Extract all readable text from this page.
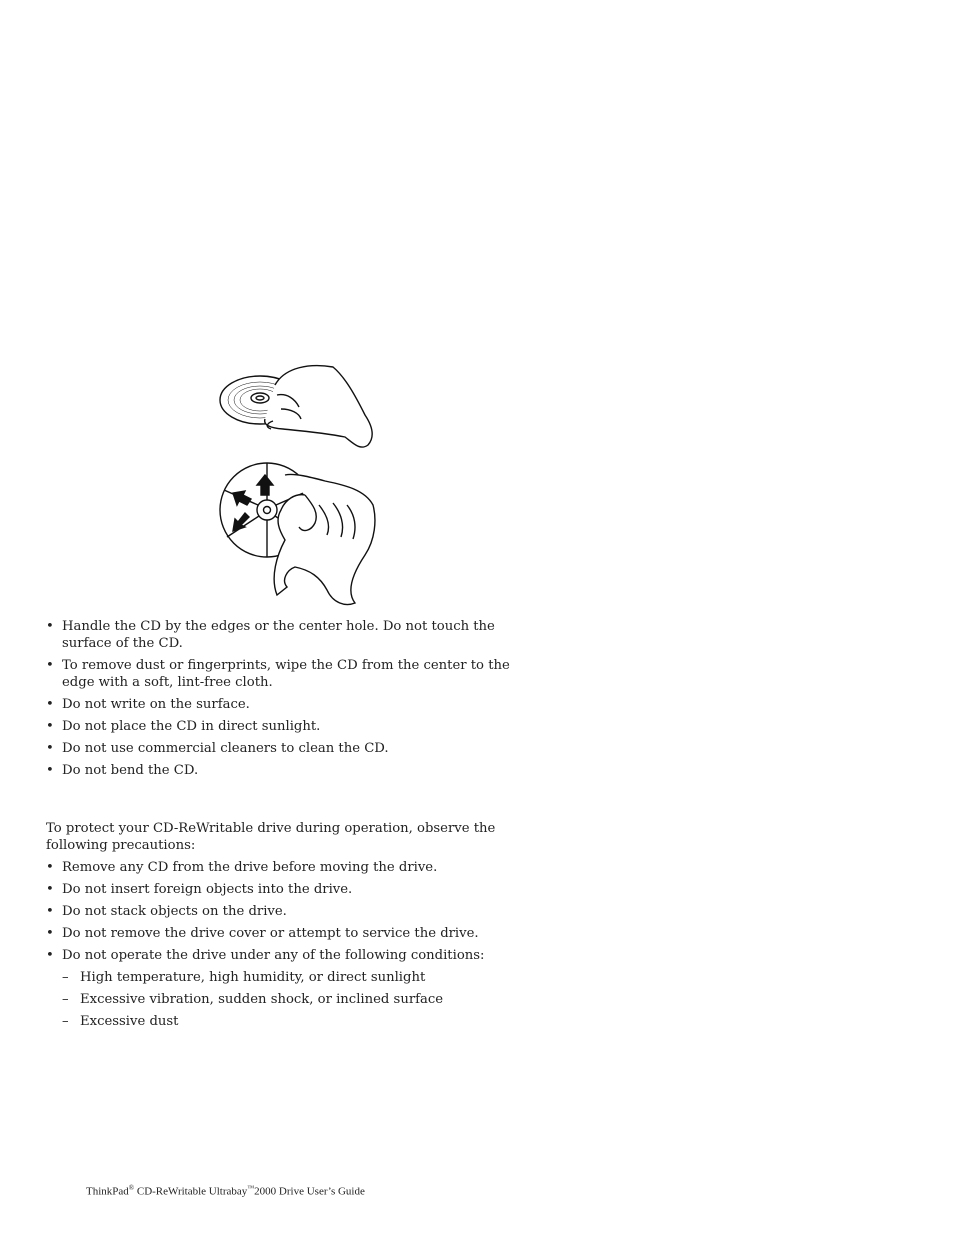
• Handle the CD by the edges or the center hole. Do not touch the surface of the CD.
• To remove dust or fingerprints, wipe the CD from the center to the edge with a soft, lint-free cloth.
• Do not write on the surface.
• Do not place the CD in direct sunlight.
• Do not use commercial cleaners to clean the CD.
• Do not bend the CD.

To protect your CD-ReWritable drive during operation, observe the following precautions:

• Remove any CD from the drive before moving the drive.
• Do not insert foreign objects into the drive.
• Do not stack objects on the drive.
• Do not remove the drive cover or attempt to service the drive.
• Do not operate the drive under any of the following conditions:
– High temperature, high humidity, or direct sunlight
– Excessive vibration, sudden shock, or inclined surface
– Excessive dust
ThinkPad® CD-ReWritable Ultrabay™2000 Drive User’s Guide
